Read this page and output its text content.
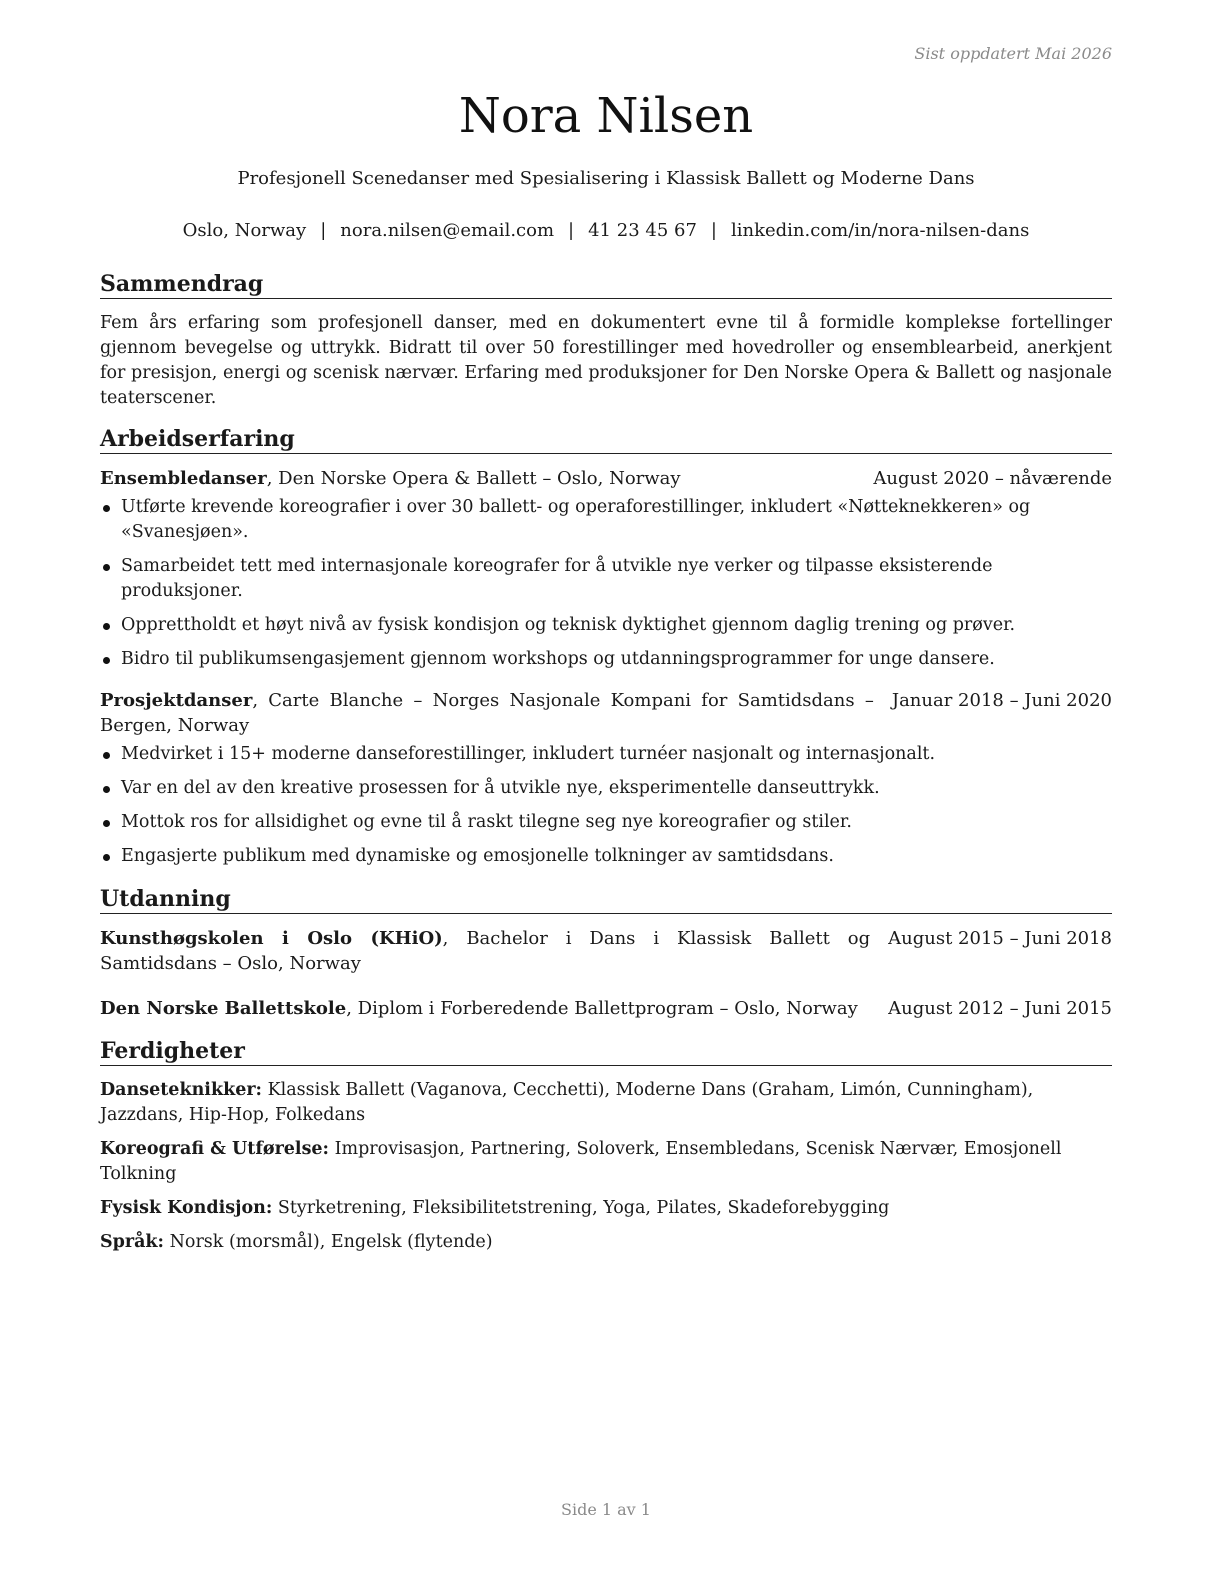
Sist oppdatert Mai 2026
Nora Nilsen
Profesjonell Scenedanser med Spesialisering i Klassisk Ballett og Moderne Dans
Oslo, Norway | nora.nilsen@email.com | 41 23 45 67 | linkedin.com/in/nora-nilsen-dans
Sammendrag

Fem års erfaring som profesjonell danser, med en dokumentert evne til å formidle komplekse fortellinger gjennom bevegelse og uttrykk. Bidratt til over 50 forestillinger med hovedroller og ensemblearbeid, anerkjent for presisjon, energi og scenisk nærvær. Erfaring med produksjoner for Den Norske Opera & Ballett og nasjonale teaterscener.

Arbeidserfaring
Ensembledanser, Den Norske Opera & Ballett – Oslo, Norway	August 2020 – nåværende
Utførte krevende koreografier i over 30 ballett- og operaforestillinger, inkludert «Nøtteknekkeren» og «Svanesjøen».
Samarbeidet tett med internasjonale koreografer for å utvikle nye verker og tilpasse eksisterende produksjoner.
Opprettholdt et høyt nivå av fysisk kondisjon og teknisk dyktighet gjennom daglig trening og prøver.
Bidro til publikumsengasjement gjennom workshops og utdanningsprogrammer for unge dansere.
Prosjektdanser, Carte Blanche – Norges Nasjonale Kompani for Samtidsdans – Bergen, Norway
Januar 2018 – Juni 2020
Medvirket i 15+ moderne danseforestillinger, inkludert turnéer nasjonalt og internasjonalt.
Var en del av den kreative prosessen for å utvikle nye, eksperimentelle danseuttrykk.
Mottok ros for allsidighet og evne til å raskt tilegne seg nye koreografier og stiler.
Engasjerte publikum med dynamiske og emosjonelle tolkninger av samtidsdans.
Utdanning
Kunsthøgskolen i Oslo (KHiO), Bachelor i Dans i Klassisk Ballett og Samtidsdans – Oslo, Norway
August 2015 – Juni 2018
Den Norske Ballettskole, Diplom i Forberedende Ballettprogram – Oslo, Norway	August 2012 – Juni 2015
Ferdigheter
Danseteknikker: Klassisk Ballett (Vaganova, Cecchetti), Moderne Dans (Graham, Limón, Cunningham), Jazzdans, Hip-Hop, Folkedans
Koreografi & Utførelse: Improvisasjon, Partnering, Soloverk, Ensembledans, Scenisk Nærvær, Emosjonell Tolkning
Fysisk Kondisjon: Styrketrening, Fleksibilitetstrening, Yoga, Pilates, Skadeforebygging
Språk: Norsk (morsmål), Engelsk (flytende)
Side 1 av 1
